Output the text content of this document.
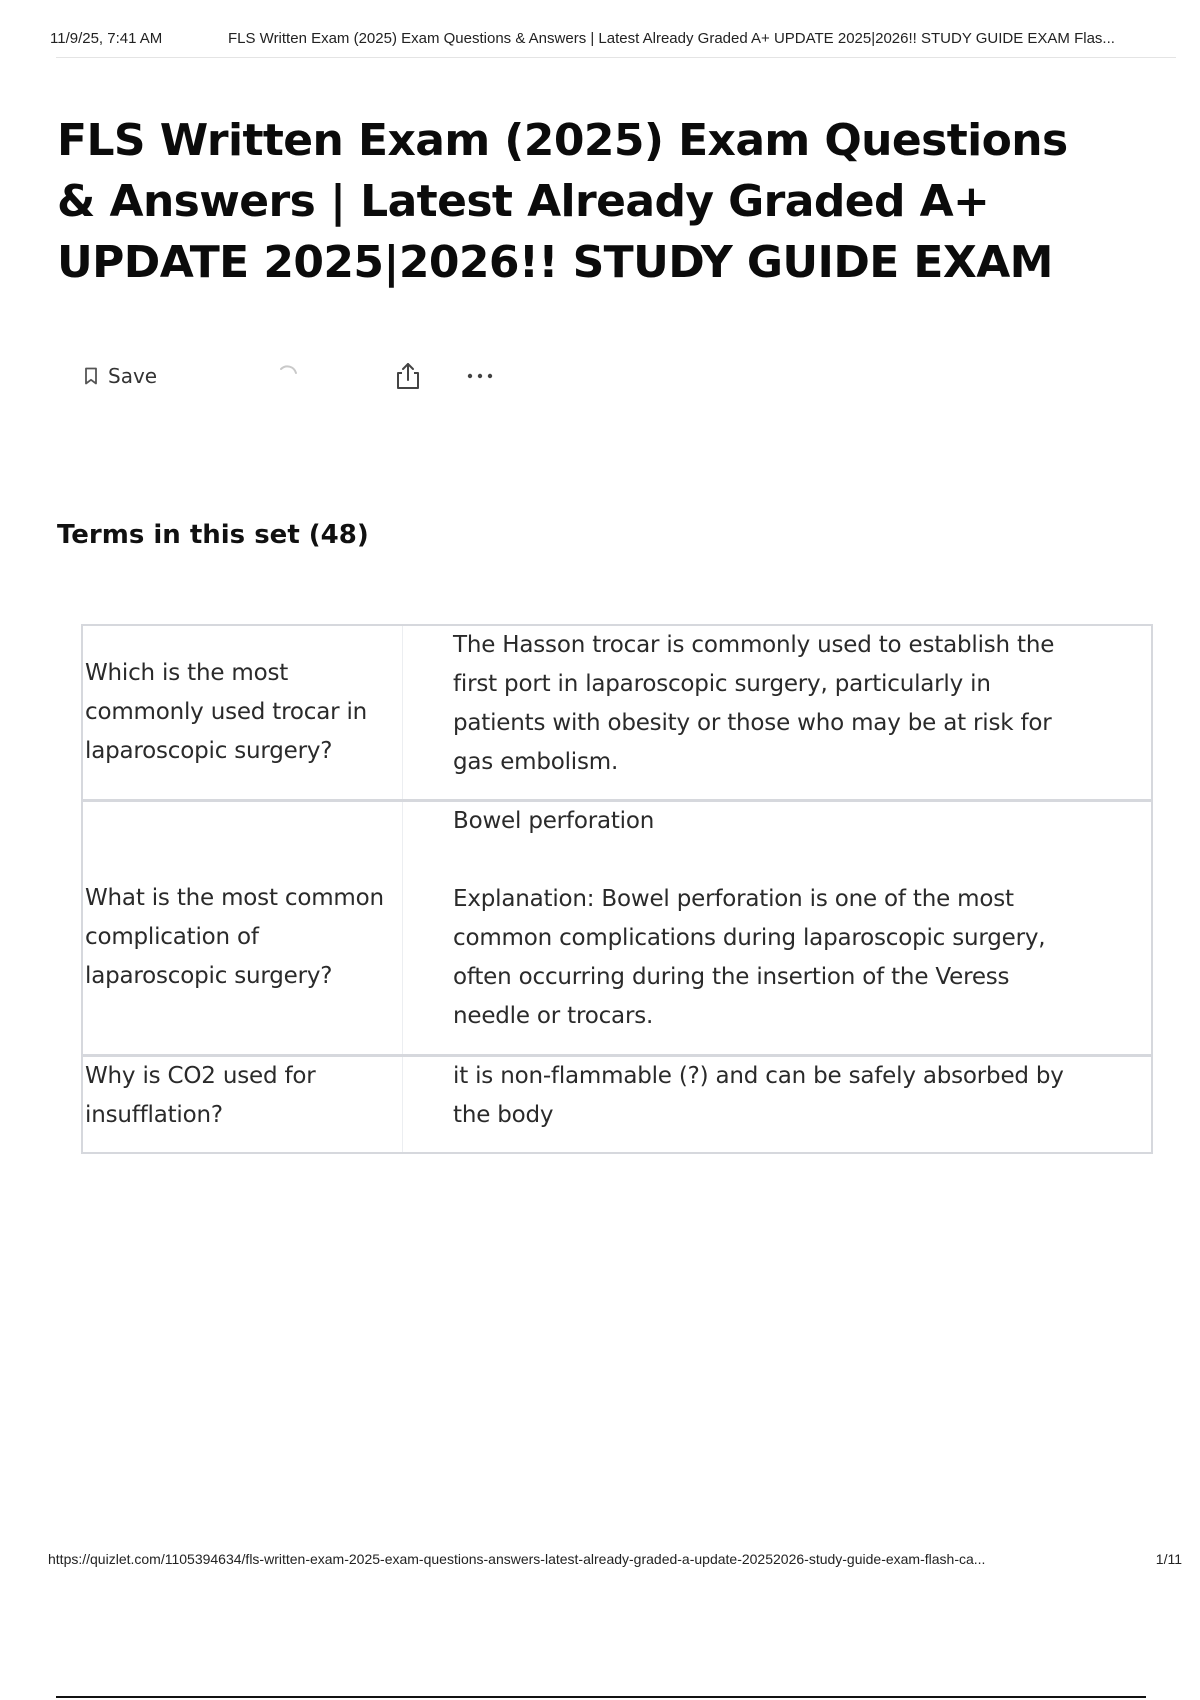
11/9/25, 7:41 AM	FLS Written Exam (2025) Exam Questions & Answers | Latest Already Graded A+ UPDATE 2025|2026!! STUDY GUIDE EXAM Flas...
FLS Written Exam (2025) Exam Questions & Answers | Latest Already Graded A+ UPDATE 2025|2026!! STUDY GUIDE EXAM
Save
Terms in this set (48)
Which is the most commonly used trocar in laparoscopic surgery?

The Hasson trocar is commonly used to establish the first port in laparoscopic surgery, particularly in patients with obesity or those who may be at risk for gas embolism.

What is the most common complication of laparoscopic surgery?

Bowel perforation

Explanation: Bowel perforation is one of the most common complications during laparoscopic surgery, often occurring during the insertion of the Veress needle or trocars.

Why is CO2 used for insufflation?

it is non-flammable (?) and can be safely absorbed by the body

https://quizlet.com/1105394634/fls-written-exam-2025-exam-questions-answers-latest-already-graded-a-update-20252026-study-guide-exam-flash-ca...	1/11
